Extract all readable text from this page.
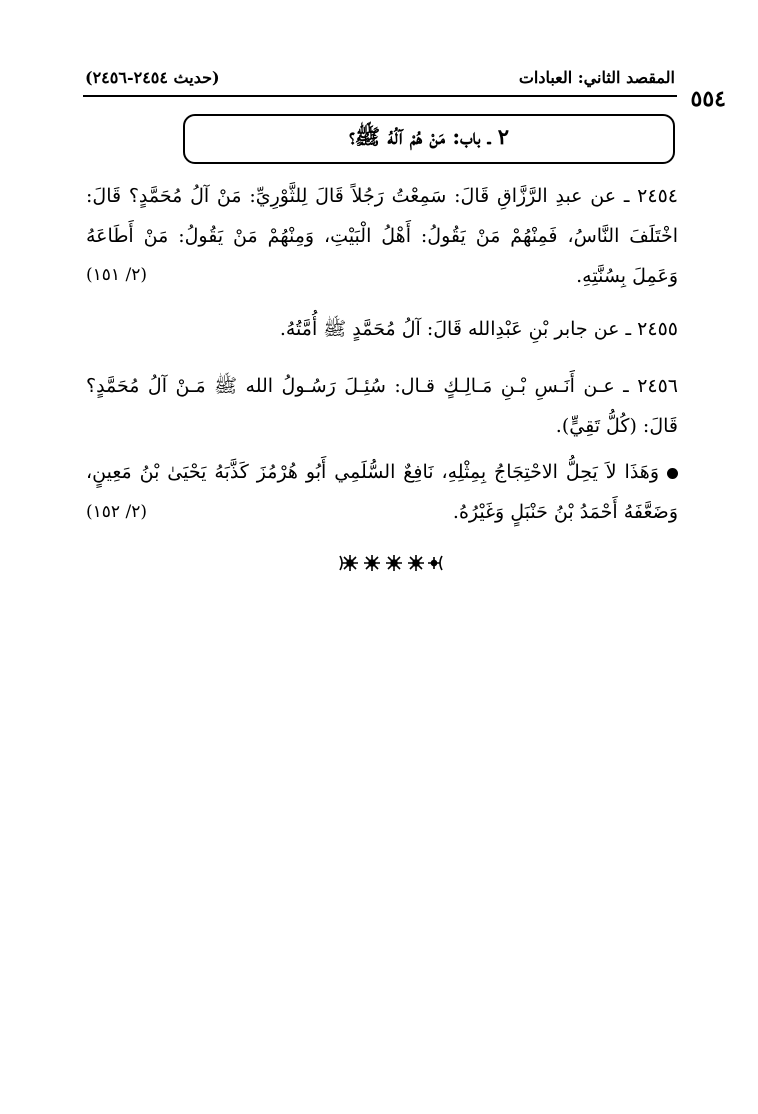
المقصد الثاني: العبادات
(حديث ٢٤٥٤-٢٤٥٦)
٥٥٤
٢ ـ باب: مَنْ هُمْ آلُهُ ﷺ؟
٢٤٥٤ ـ عن عبدِ الرَّزَّاقِ قَالَ: سَمِعْتُ رَجُلاً قَالَ لِلثَّوْرِيِّ: مَنْ آلُ مُحَمَّدٍ؟ قَالَ: اخْتَلَفَ النَّاسُ، فَمِنْهُمْ مَنْ يَقُولُ: أَهْلُ الْبَيْتِ، وَمِنْهُمْ مَنْ يَقُولُ: مَنْ أَطَاعَهُ وَعَمِلَ بِسُنَّتِهِ.
(٢/ ١٥١)
٢٤٥٥ ـ عن جابر بْنِ عَبْدِالله قَالَ: آلُ مُحَمَّدٍ ﷺ أُمَّتُهُ.
٢٤٥٦ ـ عـن أَنَـسِ بْـنِ مَـالِـكٍ قـال: سُئِـلَ رَسُـولُ الله ﷺ مَـنْ آلُ مُحَمَّدٍ؟ قَالَ: (كُلُّ تَقِيٍّ).
وَهَذَا لاَ يَحِلُّ الاحْتِجَاجُ بِمِثْلِهِ، نَافِعٌ السُّلَمِي أَبُو هُرْمُزَ كَذَّبَهُ يَحْيَىٰ بْنُ مَعِينٍ، وَضَعَّفَهُ أَحْمَدُ بْنُ حَنْبَلٍ وَغَيْرُهُ.
(٢/ ١٥٢)
